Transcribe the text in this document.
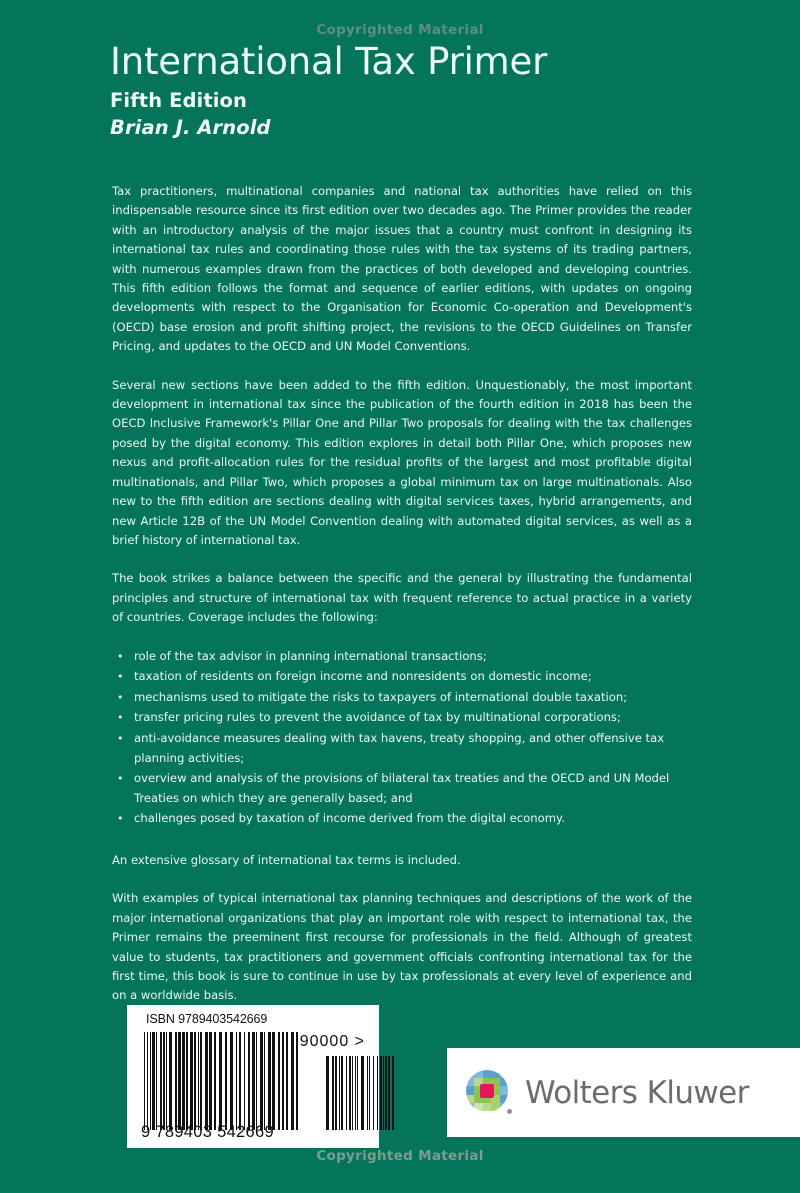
Copyrighted Material
International Tax Primer
Fifth Edition
Brian J. Arnold

Tax practitioners, multinational companies and national tax authorities have relied on this indispensable resource since its first edition over two decades ago. The Primer provides the reader with an introductory analysis of the major issues that a country must confront in designing its international tax rules and coordinating those rules with the tax systems of its trading partners, with numerous examples drawn from the practices of both developed and developing countries. This fifth edition follows the format and sequence of earlier editions, with updates on ongoing developments with respect to the Organisation for Economic Co-operation and Development's (OECD) base erosion and profit shifting project, the revisions to the OECD Guidelines on Transfer Pricing, and updates to the OECD and UN Model Conventions.

Several new sections have been added to the fifth edition. Unquestionably, the most important development in international tax since the publication of the fourth edition in 2018 has been the OECD Inclusive Framework's Pillar One and Pillar Two proposals for dealing with the tax challenges posed by the digital economy. This edition explores in detail both Pillar One, which proposes new nexus and profit-allocation rules for the residual profits of the largest and most profitable digital multinationals, and Pillar Two, which proposes a global minimum tax on large multinationals. Also new to the fifth edition are sections dealing with digital services taxes, hybrid arrangements, and new Article 12B of the UN Model Convention dealing with automated digital services, as well as a brief history of international tax.

The book strikes a balance between the specific and the general by illustrating the fundamental principles and structure of international tax with frequent reference to actual practice in a variety of countries. Coverage includes the following:

• role of the tax advisor in planning international transactions;
• taxation of residents on foreign income and nonresidents on domestic income;
• mechanisms used to mitigate the risks to taxpayers of international double taxation;
• transfer pricing rules to prevent the avoidance of tax by multinational corporations;
• anti-avoidance measures dealing with tax havens, treaty shopping, and other offensive tax planning activities;
• overview and analysis of the provisions of bilateral tax treaties and the OECD and UN Model Treaties on which they are generally based; and
• challenges posed by taxation of income derived from the digital economy.

An extensive glossary of international tax terms is included.

With examples of typical international tax planning techniques and descriptions of the work of the major international organizations that play an important role with respect to international tax, the Primer remains the preeminent first recourse for professionals in the field. Although of greatest value to students, tax practitioners and government officials confronting international tax for the first time, this book is sure to continue in use by tax professionals at every level of experience and on a worldwide basis.

ISBN 9789403542669
90000 >
9 789403 542669
Wolters Kluwer
Copyrighted Material
